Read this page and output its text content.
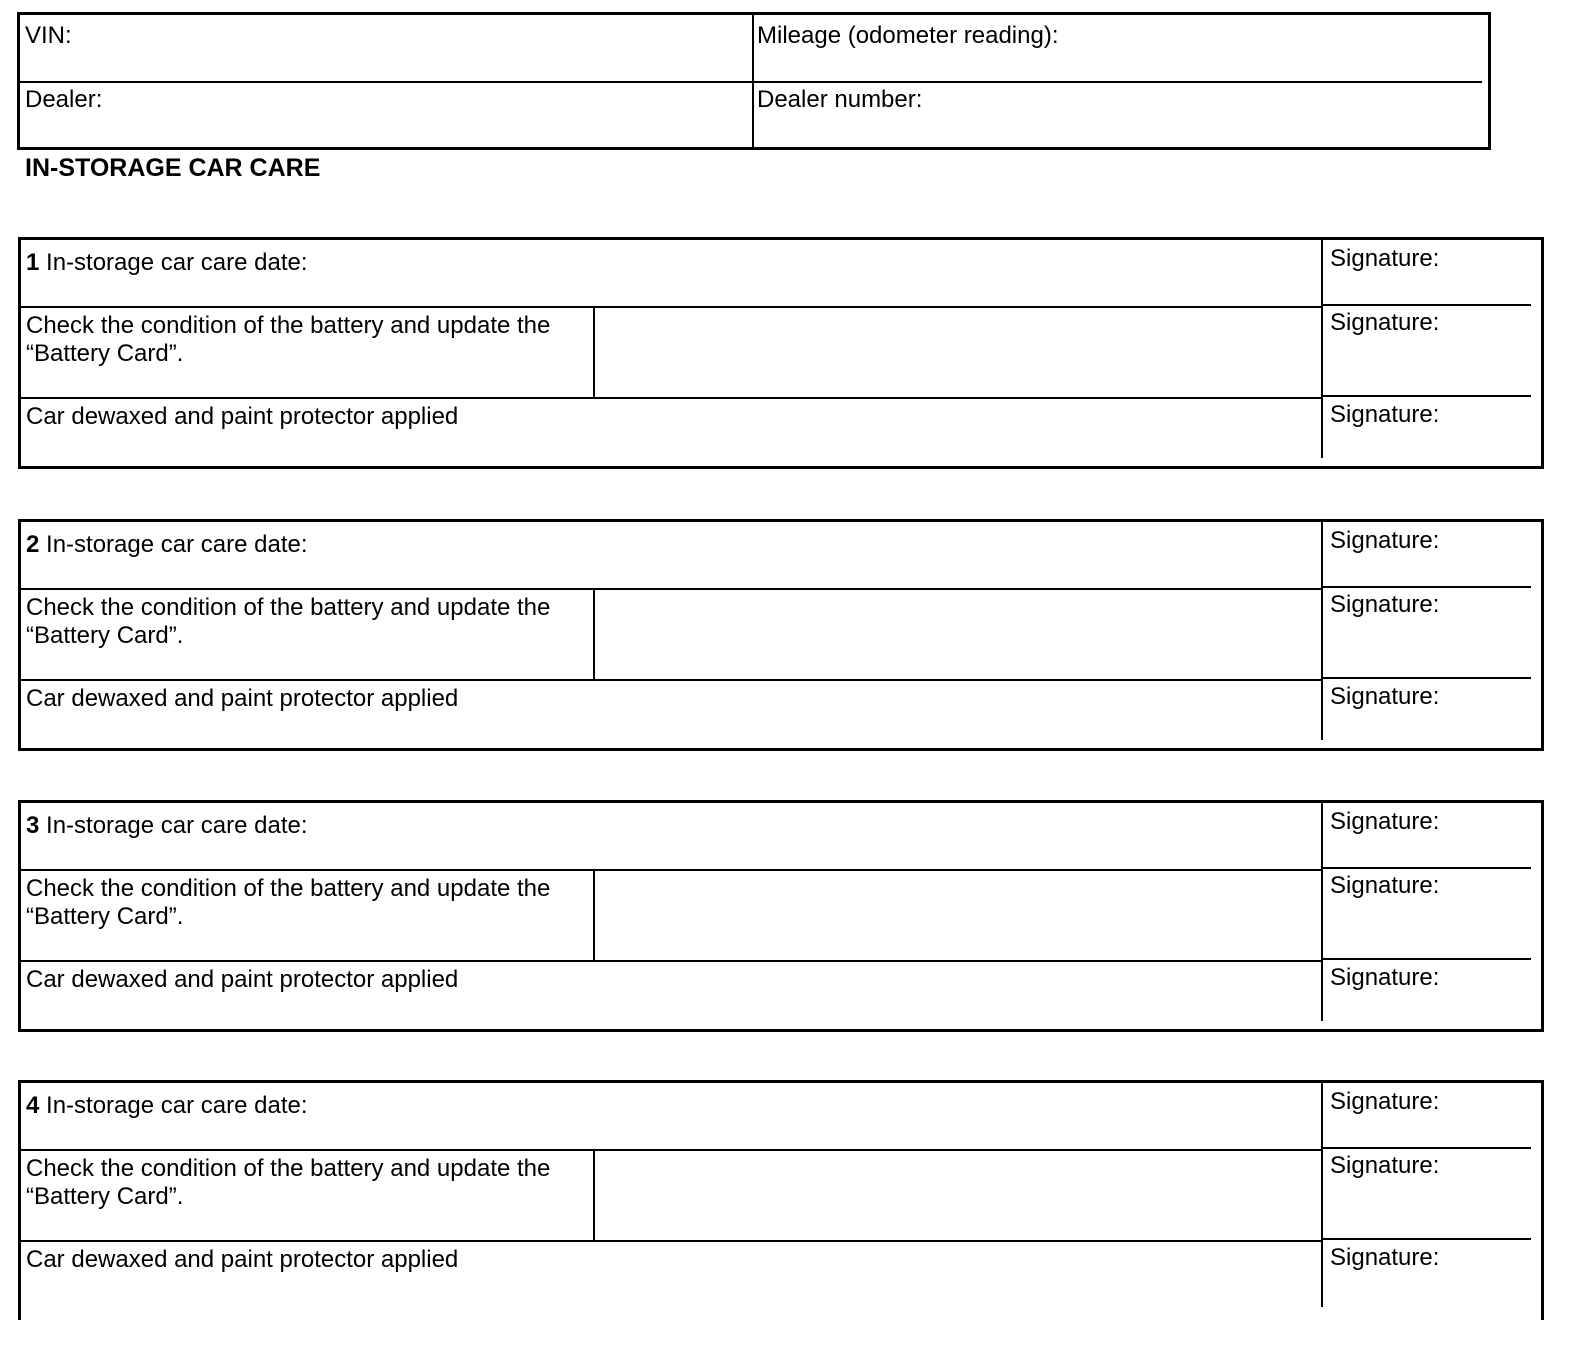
VIN:	Mileage (odometer reading):
Dealer:	Dealer number:
IN-STORAGE CAR CARE
1 In-storage car care date:
Check the condition of the battery and update the
“Battery Card”.
Car dewaxed and paint protector applied
Signature:
Signature:
Signature:
2 In-storage car care date:
Check the condition of the battery and update the
“Battery Card”.
Car dewaxed and paint protector applied
Signature:
Signature:
Signature:
3 In-storage car care date:
Check the condition of the battery and update the
“Battery Card”.
Car dewaxed and paint protector applied
Signature:
Signature:
Signature:
4 In-storage car care date:
Check the condition of the battery and update the
“Battery Card”.
Car dewaxed and paint protector applied
Signature:
Signature:
Signature:
